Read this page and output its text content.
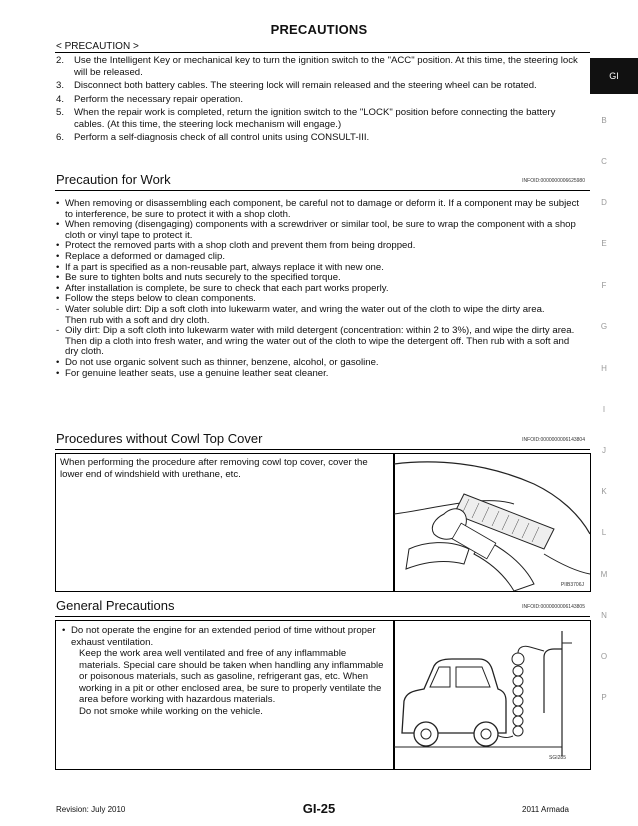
PRECAUTIONS
< PRECAUTION >
GI
B
C
D
E
F
G
H
I
J
K
L
M
N
O
P
2. Use the Intelligent Key or mechanical key to turn the ignition switch to the "ACC" position. At this time, the steering lock will be released.
3. Disconnect both battery cables. The steering lock will remain released and the steering wheel can be rotated.
4. Perform the necessary repair operation.
5. When the repair work is completed, return the ignition switch to the "LOCK" position before connecting the battery cables. (At this time, the steering lock mechanism will engage.)
6. Perform a self-diagnosis check of all control units using CONSULT-III.
Precaution for Work	INFOID:0000000006625980
• When removing or disassembling each component, be careful not to damage or deform it. If a component may be subject to interference, be sure to protect it with a shop cloth.
• When removing (disengaging) components with a screwdriver or similar tool, be sure to wrap the component with a shop cloth or vinyl tape to protect it.
• Protect the removed parts with a shop cloth and prevent them from being dropped.
• Replace a deformed or damaged clip.
• If a part is specified as a non-reusable part, always replace it with new one.
• Be sure to tighten bolts and nuts securely to the specified torque.
• After installation is complete, be sure to check that each part works properly.
• Follow the steps below to clean components.
- Water soluble dirt: Dip a soft cloth into lukewarm water, and wring the water out of the cloth to wipe the dirty area.
Then rub with a soft and dry cloth.
- Oily dirt: Dip a soft cloth into lukewarm water with mild detergent (concentration: within 2 to 3%), and wipe the dirty area.
Then dip a cloth into fresh water, and wring the water out of the cloth to wipe the detergent off. Then rub with a soft and dry cloth.
• Do not use organic solvent such as thinner, benzene, alcohol, or gasoline.
• For genuine leather seats, use a genuine leather seat cleaner.
Procedures without Cowl Top Cover	INFOID:0000000006143804
When performing the procedure after removing cowl top cover, cover the lower end of windshield with urethane, etc.
PIIB3706J
General Precautions	INFOID:0000000006143805
• Do not operate the engine for an extended period of time without proper exhaust ventilation.
Keep the work area well ventilated and free of any inflammable materials. Special care should be taken when handling any inflammable or poisonous materials, such as gasoline, refrigerant gas, etc. When working in a pit or other enclosed area, be sure to properly ventilate the area before working with hazardous materials.
Do not smoke while working on the vehicle.
SGI285
Revision: July 2010	GI-25	2011 Armada
